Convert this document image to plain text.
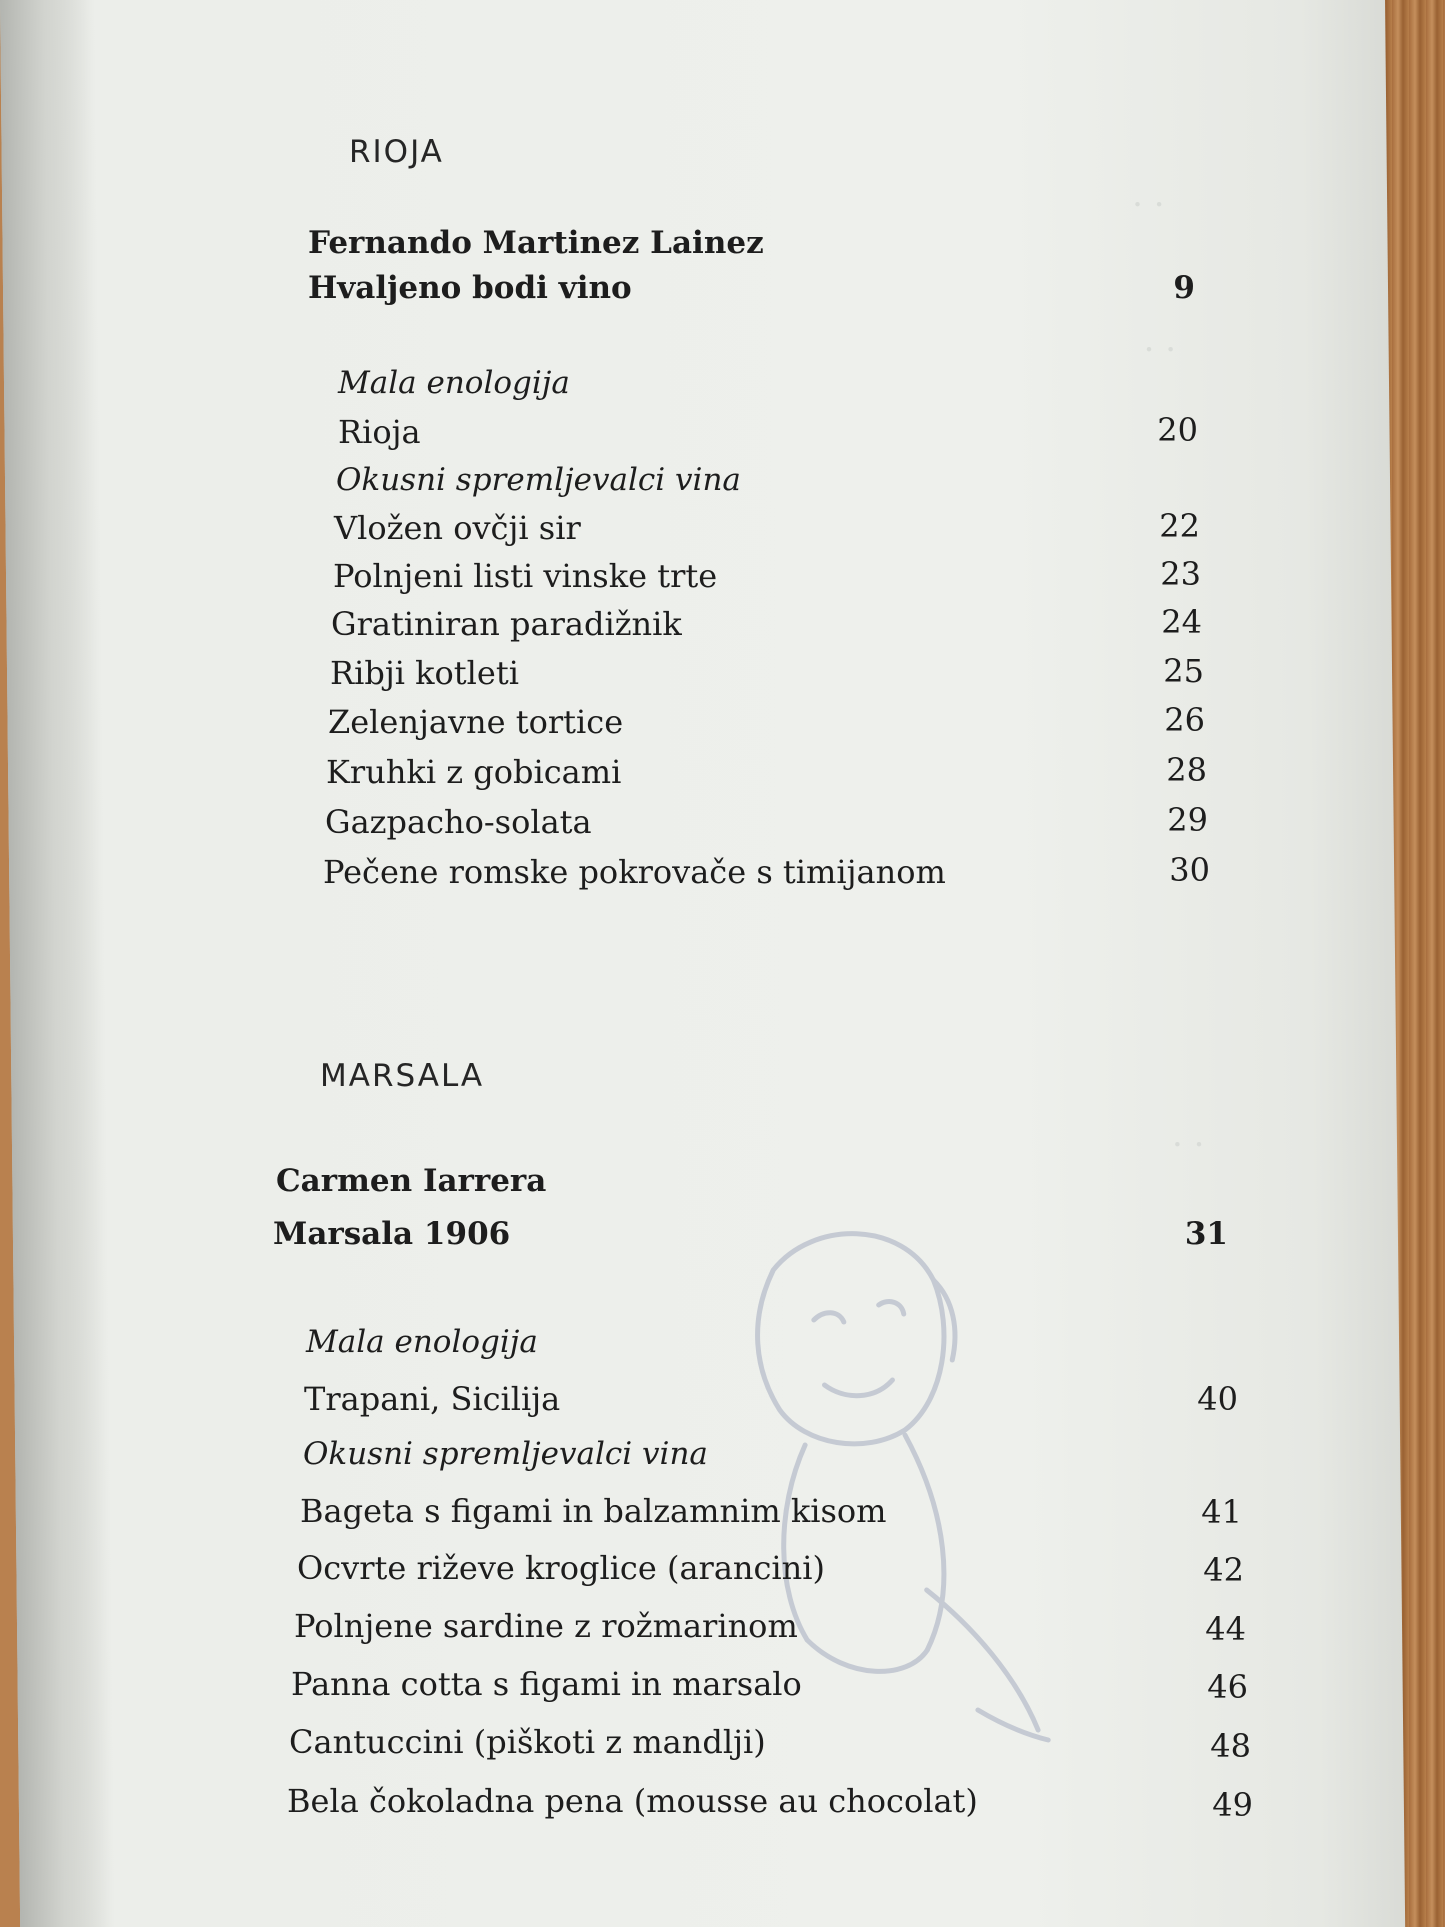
· ·
· ·
· ·
RIOJA
Fernando Martinez Lainez
Hvaljeno bodi vino	9
Mala enologija
Rioja	20
Okusni spremljevalci vina
Vložen ovčji sir	22
Polnjeni listi vinske trte	23
Gratiniran paradižnik	24
Ribji kotleti	25
Zelenjavne tortice	26
Kruhki z gobicami	28
Gazpacho-solata	29
Pečene romske pokrovače s timijanom	30
MARSALA
Carmen Iarrera
Marsala 1906	31
Mala enologija
Trapani, Sicilija	40
Okusni spremljevalci vina
Bageta s figami in balzamnim kisom	41
Ocvrte riževe kroglice (arancini)	42
Polnjene sardine z rožmarinom	44
Panna cotta s figami in marsalo	46
Cantuccini (piškoti z mandlji)	48
Bela čokoladna pena (mousse au chocolat)	49
